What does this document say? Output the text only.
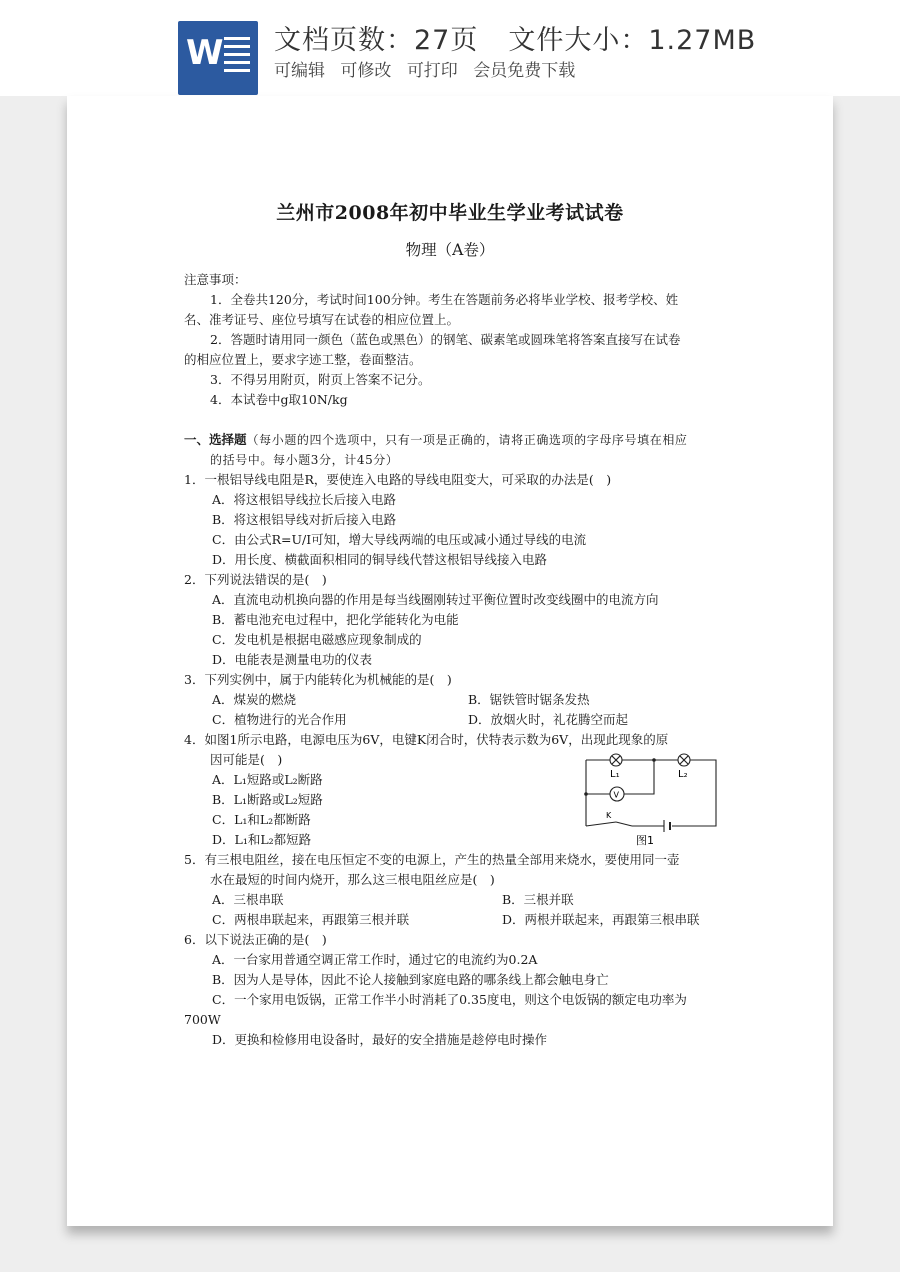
W 文档页数：27页 文件大小：1.27MB
可编辑 可修改 可打印 会员免费下载
兰州市2008年初中毕业生学业考试试卷
物理（A卷）
注意事项：
1．全卷共120分，考试时间100分钟。考生在答题前务必将毕业学校、报考学校、姓
名、准考证号、座位号填写在试卷的相应位置上。
2．答题时请用同一颜色（蓝色或黑色）的钢笔、碳素笔或圆珠笔将答案直接写在试卷
的相应位置上，要求字迹工整，卷面整洁。
3．不得另用附页，附页上答案不记分。
4．本试卷中g取10N/kg
一、选择题（每小题的四个选项中，只有一项是正确的，请将正确选项的字母序号填在相应
的括号中。每小题3分，计45分）
1．一根铝导线电阻是R，要使连入电路的导线电阻变大，可采取的办法是(　)
A．将这根铝导线拉长后接入电路
B．将这根铝导线对折后接入电路
C．由公式R=U/I可知，增大导线两端的电压或减小通过导线的电流
D．用长度、横截面积相同的铜导线代替这根铝导线接入电路
2．下列说法错误的是(　)
A．直流电动机换向器的作用是每当线圈刚转过平衡位置时改变线圈中的电流方向
B．蓄电池充电过程中，把化学能转化为电能
C．发电机是根据电磁感应现象制成的
D．电能表是测量电功的仪表
3．下列实例中，属于内能转化为机械能的是(　)
A．煤炭的燃烧	B．锯铁管时锯条发热
C．植物进行的光合作用	D．放烟火时，礼花腾空而起
4．如图1所示电路，电源电压为6V，电键K闭合时，伏特表示数为6V，出现此现象的原
因可能是(　)
A．L₁短路或L₂断路
B．L₁断路或L₂短路
C．L₁和L₂都断路
D．L₁和L₂都短路
L₁	L₂
V
K
图1
5．有三根电阻丝，接在电压恒定不变的电源上，产生的热量全部用来烧水，要使用同一壶
水在最短的时间内烧开，那么这三根电阻丝应是(　)
A．三根串联	B．三根并联
C．两根串联起来，再跟第三根并联	D．两根并联起来，再跟第三根串联
6．以下说法正确的是(　)
A．一台家用普通空调正常工作时，通过它的电流约为0.2A
B．因为人是导体，因此不论人接触到家庭电路的哪条线上都会触电身亡
C．一个家用电饭锅，正常工作半小时消耗了0.35度电，则这个电饭锅的额定电功率为
700W
D．更换和检修用电设备时，最好的安全措施是趁停电时操作
